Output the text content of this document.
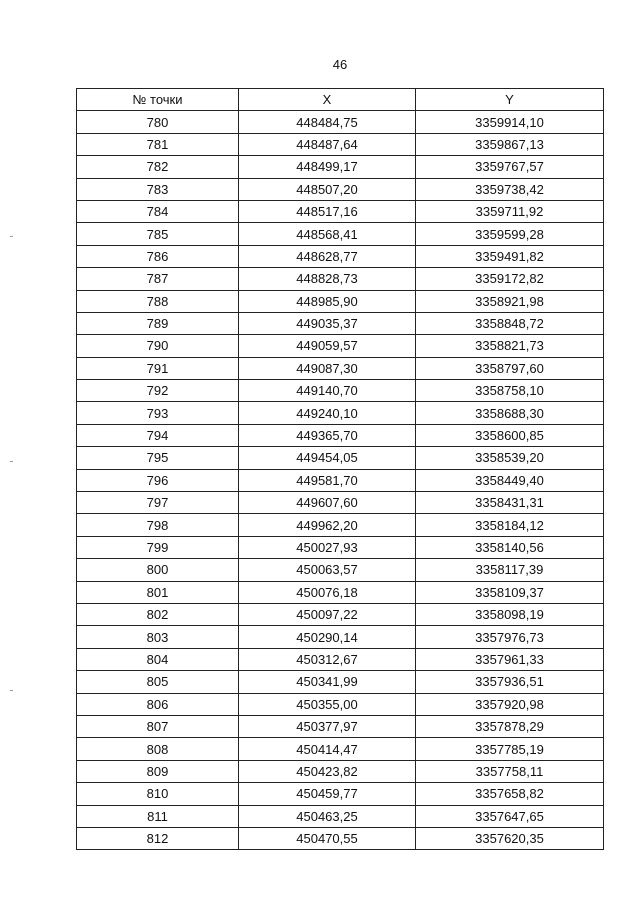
46
№ точки	X	Y
780	448484,75	3359914,10
781	448487,64	3359867,13
782	448499,17	3359767,57
783	448507,20	3359738,42
784	448517,16	3359711,92
785	448568,41	3359599,28
786	448628,77	3359491,82
787	448828,73	3359172,82
788	448985,90	3358921,98
789	449035,37	3358848,72
790	449059,57	3358821,73
791	449087,30	3358797,60
792	449140,70	3358758,10
793	449240,10	3358688,30
794	449365,70	3358600,85
795	449454,05	3358539,20
796	449581,70	3358449,40
797	449607,60	3358431,31
798	449962,20	3358184,12
799	450027,93	3358140,56
800	450063,57	3358117,39
801	450076,18	3358109,37
802	450097,22	3358098,19
803	450290,14	3357976,73
804	450312,67	3357961,33
805	450341,99	3357936,51
806	450355,00	3357920,98
807	450377,97	3357878,29
808	450414,47	3357785,19
809	450423,82	3357758,11
810	450459,77	3357658,82
811	450463,25	3357647,65
812	450470,55	3357620,35
